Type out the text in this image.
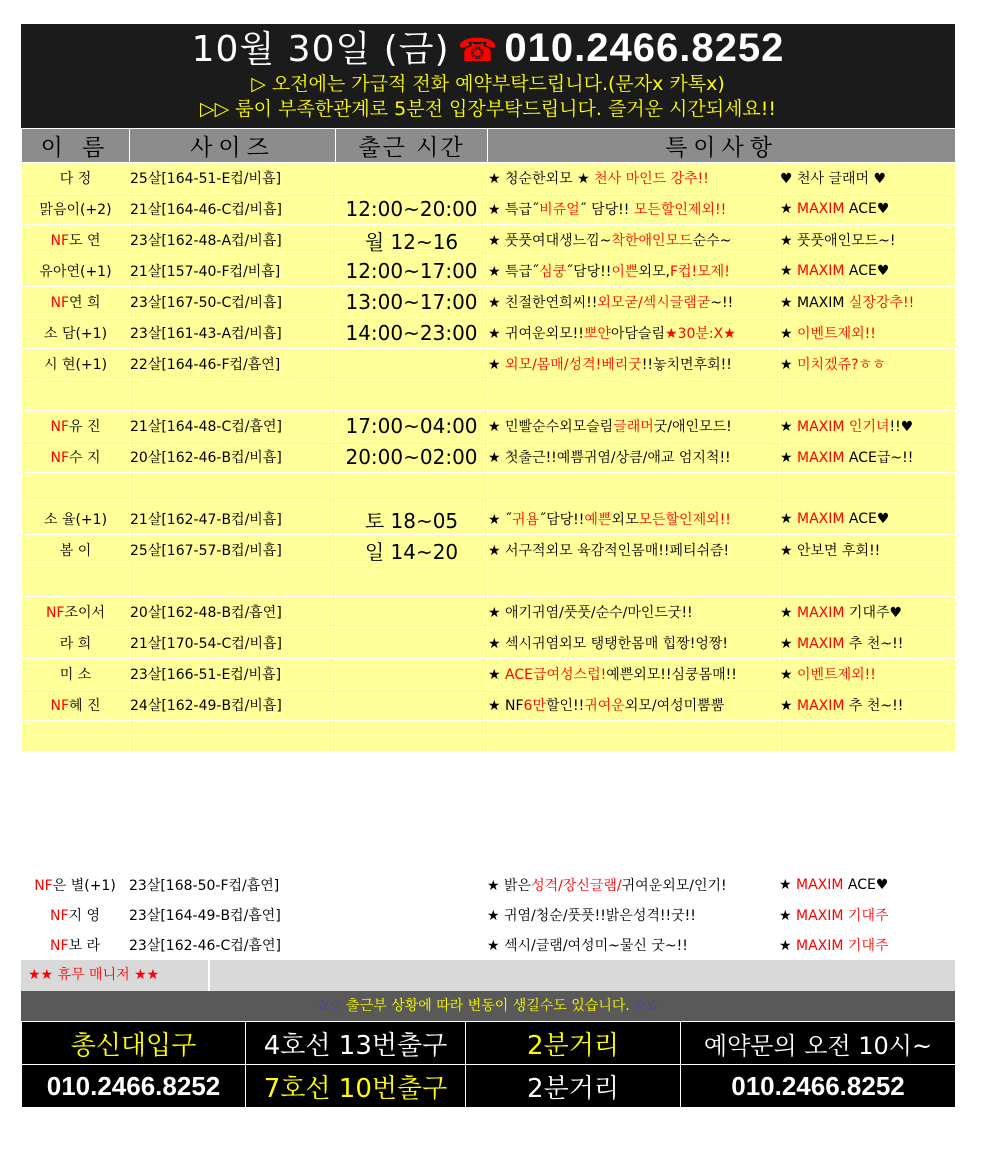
10월 30일 (금) ☎ 010.2466.8252
▷ 오전에는 가급적 전화 예약부탁드립니다.(문자x 카톡x)
▷▷ 룸이 부족한관계로 5분전 입장부탁드립니다. 즐거운 시간되세요!!
이 름	사이즈	출근 시간	특이사항	
다 정	25살[164-51-E컵/비흡]		★ 청순한외모 ★ 천사 마인드 강추!!	♥ 천사 글래머 ♥
맑음이(+2)	21살[164-46-C컵/비흡]	12:00~20:00	★ 특급˝비쥬얼˝ 담당!! 모든할인제외!!	★ MAXIM ACE♥
NF도 연	23살[162-48-A컵/비흡]	월 12~16	★ 풋풋여대생느낌~착한애인모드순수~	★ 풋풋애인모드~!
유아연(+1)	21살[157-40-F컵/비흡]	12:00~17:00	★ 특급˝심쿵˝담당!!이쁜외모,F컵!모제!	★ MAXIM ACE♥
NF연 희	23살[167-50-C컵/비흡]	13:00~17:00	★ 친절한연희씨!!외모굳/섹시글램굳~!!	★ MAXIM 실장강추!!
소 담(+1)	23살[161-43-A컵/비흡]	14:00~23:00	★ 귀여운외모!!뽀얀아담슬림★30분:X★	★ 이벤트제외!!
시 현(+1)	22살[164-46-F컵/흡연]		★ 외모/몸매/성격!베리굿!!놓치면후회!!	★ 미치겠쥬?ㅎㅎ

NF유 진	21살[164-48-C컵/흡연]	17:00~04:00	★ 민빨순수외모슬림글래머굿/애인모드!	★ MAXIM 인기녀!!♥
NF수 지	20살[162-46-B컵/비흡]	20:00~02:00	★ 첫출근!!예쁨귀염/상큼/애교 엄지척!!	★ MAXIM ACE급~!!

소 율(+1)	21살[162-47-B컵/비흡]	토 18~05	★ ˝귀욤˝담당!!예쁜외모모든할인제외!!	★ MAXIM ACE♥
봄 이	25살[167-57-B컵/비흡]	일 14~20	★ 서구적외모 육감적인몸매!!페티쉬즘!	★ 안보면 후회!!

NF조이서	20살[162-48-B컵/흡연]		★ 애기귀염/풋풋/순수/마인드굿!!	★ MAXIM 기대주♥
라 희	21살[170-54-C컵/비흡]		★ 섹시귀염외모 탱탱한몸매 힙짱!엉짱!	★ MAXIM 추 천~!!
미 소	23살[166-51-E컵/비흡]		★ ACE급여성스럽!예쁜외모!!심쿵몸매!!	★ 이벤트제외!!
NF혜 진	24살[162-49-B컵/비흡]		★ NF6만할인!!귀여운외모/여성미뿜뿜	★ MAXIM 추 천~!!

NF은 별(+1)	23살[168-50-F컵/흡연]		★ 밝은성격/장신글램/귀여운외모/인기!	★ MAXIM ACE♥
NF지 영	23살[164-49-B컵/흡연]		★ 귀염/청순/풋풋!!밝은성격!!굿!!	★ MAXIM 기대주
NF보 라	23살[162-46-C컵/흡연]		★ 섹시/글램/여성미~물신 굿~!!	★ MAXIM 기대주
★★ 휴무 매니저 ★★
☆☆ 출근부 상황에 따라 변동이 생길수도 있습니다. ☆☆
총신대입구	4호선 13번출구	2분거리	예약문의 오전 10시~
010.2466.8252	7호선 10번출구	2분거리	010.2466.8252
